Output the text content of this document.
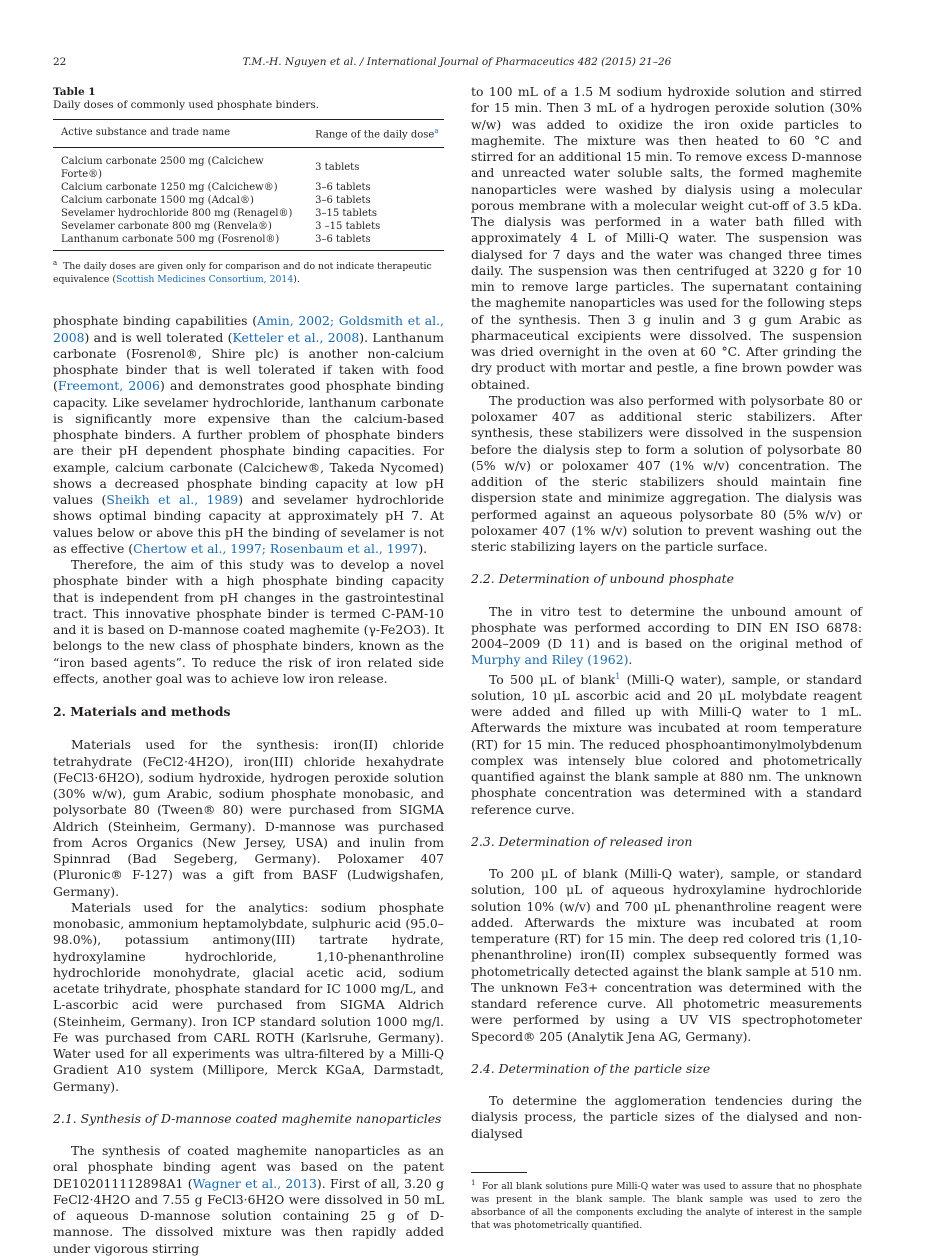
22	T.M.-H. Nguyen et al. / International Journal of Pharmaceutics 482 (2015) 21–26
Table 1
Daily doses of commonly used phosphate binders.
Active substance and trade name	Range of the daily dose$^a$
Calcium carbonate 2500 mg (Calcichew Forte®)	3 tablets
Calcium carbonate 1250 mg (Calcichew®)	3–6 tablets
Calcium carbonate 1500 mg (Adcal®)	3–6 tablets
Sevelamer hydrochloride 800 mg (Renagel®)	3–15 tablets
Sevelamer carbonate 800 mg (Renvela®)	3 –15 tablets
Lanthanum carbonate 500 mg (Fosrenol®)	3–6 tablets
$^a$ The daily doses are given only for comparison and do not indicate therapeutic equivalence (Scottish Medicines Consortium, 2014).

phosphate binding capabilities (Amin, 2002; Goldsmith et al., 2008) and is well tolerated (Ketteler et al., 2008). Lanthanum carbonate (Fosrenol®, Shire plc) is another non-calcium phosphate binder that is well tolerated if taken with food (Freemont, 2006) and demonstrates good phosphate binding capacity. Like sevelamer hydrochloride, lanthanum carbonate is significantly more expensive than the calcium-based phosphate binders. A further problem of phosphate binders are their pH dependent phosphate binding capacities. For example, calcium carbonate (Calcichew®, Takeda Nycomed) shows a decreased phosphate binding capacity at low pH values (Sheikh et al., 1989) and sevelamer hydrochloride shows optimal binding capacity at approximately pH 7. At values below or above this pH the binding of sevelamer is not as effective (Chertow et al., 1997; Rosenbaum et al., 1997).

Therefore, the aim of this study was to develop a novel phosphate binder with a high phosphate binding capacity that is independent from pH changes in the gastrointestinal tract. This innovative phosphate binder is termed C-PAM-10 and it is based on D-mannose coated maghemite (γ-Fe2O3). It belongs to the new class of phosphate binders, known as the “iron based agents”. To reduce the risk of iron related side effects, another goal was to achieve low iron release.

2. Materials and methods

Materials used for the synthesis: iron(II) chloride tetrahydrate (FeCl2·4H2O), iron(III) chloride hexahydrate (FeCl3·6H2O), sodium hydroxide, hydrogen peroxide solution (30% w/w), gum Arabic, sodium phosphate monobasic, and polysorbate 80 (Tween® 80) were purchased from SIGMA Aldrich (Steinheim, Germany). D-mannose was purchased from Acros Organics (New Jersey, USA) and inulin from Spinnrad (Bad Segeberg, Germany). Poloxamer 407 (Pluronic® F-127) was a gift from BASF (Ludwigshafen, Germany).

Materials used for the analytics: sodium phosphate monobasic, ammonium heptamolybdate, sulphuric acid (95.0–98.0%), potassium antimony(III) tartrate hydrate, hydroxylamine hydrochloride, 1,10-phenanthroline hydrochloride monohydrate, glacial acetic acid, sodium acetate trihydrate, phosphate standard for IC 1000 mg/L, and L-ascorbic acid were purchased from SIGMA Aldrich (Steinheim, Germany). Iron ICP standard solution 1000 mg/l. Fe was purchased from CARL ROTH (Karlsruhe, Germany). Water used for all experiments was ultra-filtered by a Milli-Q Gradient A10 system (Millipore, Merck KGaA, Darmstadt, Germany).

2.1. Synthesis of D-mannose coated maghemite nanoparticles

The synthesis of coated maghemite nanoparticles as an oral phosphate binding agent was based on the patent DE102011112898A1 (Wagner et al., 2013). First of all, 3.20 g FeCl2·4H2O and 7.55 g FeCl3·6H2O were dissolved in 50 mL of aqueous D-mannose solution containing 25 g of D-mannose. The dissolved mixture was then rapidly added under vigorous stirring

to 100 mL of a 1.5 M sodium hydroxide solution and stirred for 15 min. Then 3 mL of a hydrogen peroxide solution (30% w/w) was added to oxidize the iron oxide particles to maghemite. The mixture was then heated to 60 °C and stirred for an additional 15 min. To remove excess D-mannose and unreacted water soluble salts, the formed maghemite nanoparticles were washed by dialysis using a molecular porous membrane with a molecular weight cut-off of 3.5 kDa. The dialysis was performed in a water bath filled with approximately 4 L of Milli-Q water. The suspension was dialysed for 7 days and the water was changed three times daily. The suspension was then centrifuged at 3220 g for 10 min to remove large particles. The supernatant containing the maghemite nanoparticles was used for the following steps of the synthesis. Then 3 g inulin and 3 g gum Arabic as pharmaceutical excipients were dissolved. The suspension was dried overnight in the oven at 60 °C. After grinding the dry product with mortar and pestle, a fine brown powder was obtained.

The production was also performed with polysorbate 80 or poloxamer 407 as additional steric stabilizers. After synthesis, these stabilizers were dissolved in the suspension before the dialysis step to form a solution of polysorbate 80 (5% w/v) or poloxamer 407 (1% w/v) concentration. The addition of the steric stabilizers should maintain fine dispersion state and minimize aggregation. The dialysis was performed against an aqueous polysorbate 80 (5% w/v) or poloxamer 407 (1% w/v) solution to prevent washing out the steric stabilizing layers on the particle surface.

2.2. Determination of unbound phosphate

The in vitro test to determine the unbound amount of phosphate was performed according to DIN EN ISO 6878: 2004–2009 (D 11) and is based on the original method of Murphy and Riley (1962).

To 500 μL of blank$^1$ (Milli-Q water), sample, or standard solution, 10 μL ascorbic acid and 20 μL molybdate reagent were added and filled up with Milli-Q water to 1 mL. Afterwards the mixture was incubated at room temperature (RT) for 15 min. The reduced phosphoantimonylmolybdenum complex was intensely blue colored and photometrically quantified against the blank sample at 880 nm. The unknown phosphate concentration was determined with a standard reference curve.

2.3. Determination of released iron

To 200 μL of blank (Milli-Q water), sample, or standard solution, 100 μL of aqueous hydroxylamine hydrochloride solution 10% (w/v) and 700 μL phenanthroline reagent were added. Afterwards the mixture was incubated at room temperature (RT) for 15 min. The deep red colored tris (1,10-phenanthroline) iron(II) complex subsequently formed was photometrically detected against the blank sample at 510 nm. The unknown Fe3+ concentration was determined with the standard reference curve. All photometric measurements were performed by using a UV VIS spectrophotometer Specord® 205 (Analytik Jena AG, Germany).

2.4. Determination of the particle size

To determine the agglomeration tendencies during the dialysis process, the particle sizes of the dialysed and non-dialysed

$^1$ For all blank solutions pure Milli-Q water was used to assure that no phosphate was present in the blank sample. The blank sample was used to zero the absorbance of all the components excluding the analyte of interest in the sample that was photometrically quantified.
